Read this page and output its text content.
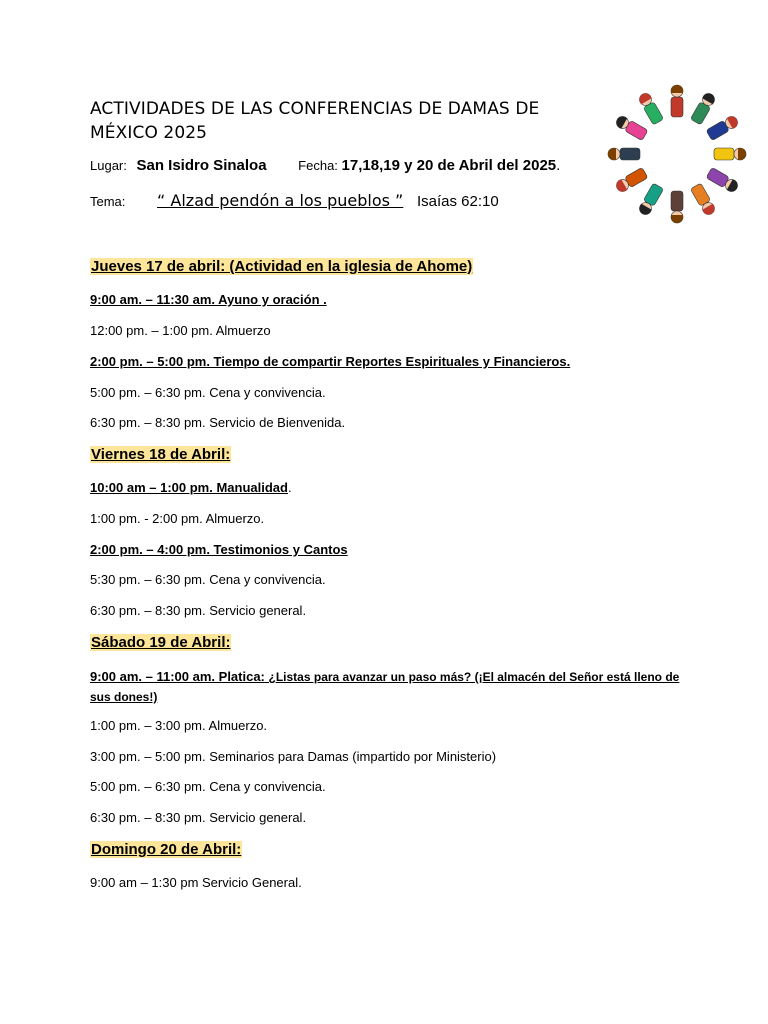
ACTIVIDADES DE LAS CONFERENCIAS DE DAMAS DE MÉXICO 2025
Lugar: San Isidro Sinaloa Fecha: 17,18,19 y 20 de Abril del 2025.
Tema: “ Alzad pendón a los pueblos ” Isaías 62:10
Jueves 17 de abril: (Actividad en la iglesia de Ahome)
9:00 am. – 11:30 am. Ayuno y oración .
12:00 pm. – 1:00 pm. Almuerzo
2:00 pm. – 5:00 pm. Tiempo de compartir Reportes Espirituales y Financieros.
5:00 pm. – 6:30 pm. Cena y convivencia.
6:30 pm. – 8:30 pm. Servicio de Bienvenida.
Viernes 18 de Abril:
10:00 am – 1:00 pm. Manualidad.
1:00 pm. - 2:00 pm. Almuerzo.
2:00 pm. – 4:00 pm. Testimonios y Cantos
5:30 pm. – 6:30 pm. Cena y convivencia.
6:30 pm. – 8:30 pm. Servicio general.
Sábado 19 de Abril:
9:00 am. – 11:00 am. Platica: ¿Listas para avanzar un paso más? (¡El almacén del Señor está lleno de sus dones!)
1:00 pm. – 3:00 pm. Almuerzo.
3:00 pm. – 5:00 pm. Seminarios para Damas (impartido por Ministerio)
5:00 pm. – 6:30 pm. Cena y convivencia.
6:30 pm. – 8:30 pm. Servicio general.
Domingo 20 de Abril:
9:00 am – 1:30 pm Servicio General.
